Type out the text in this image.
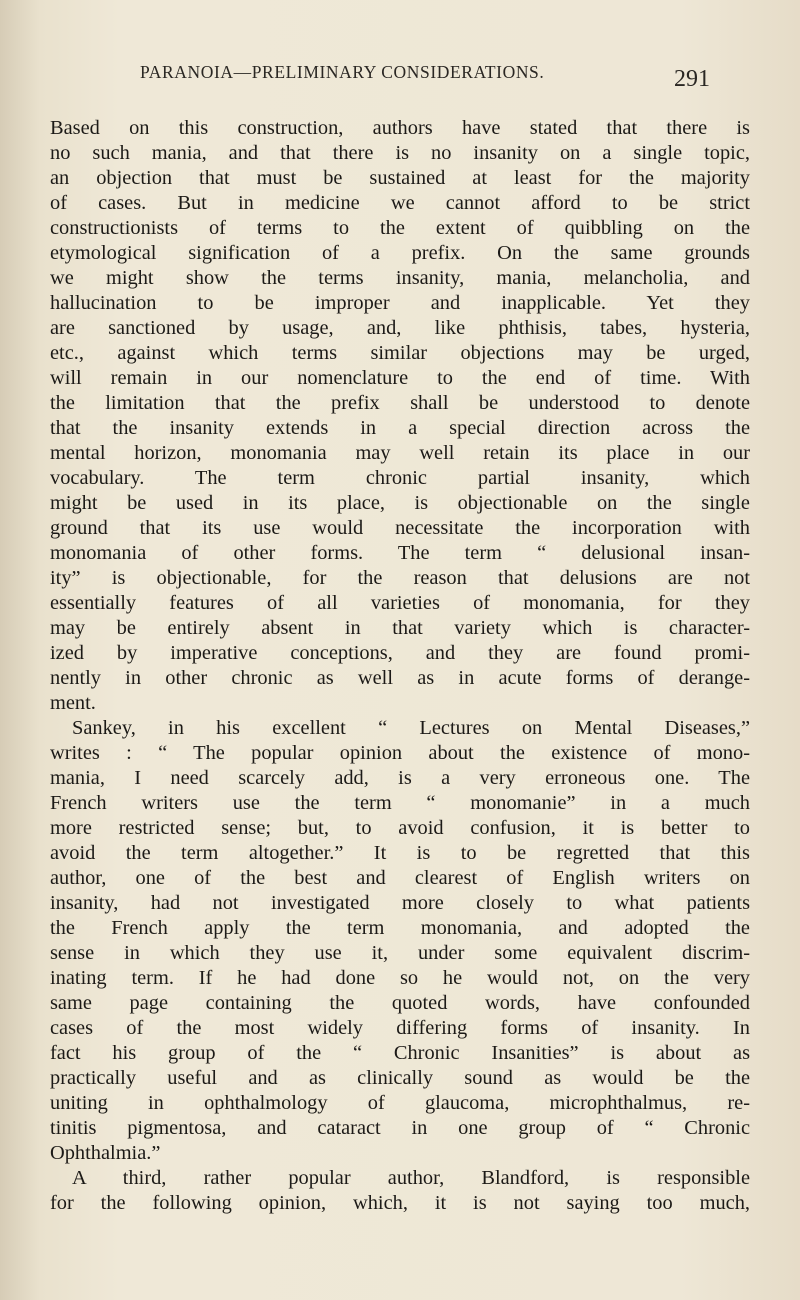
PARANOIA—PRELIMINARY CONSIDERATIONS.	291
Based on this construction, authors have stated that there is
no such mania, and that there is no insanity on a single topic,
an objection that must be sustained at least for the majority
of cases. But in medicine we cannot afford to be strict
constructionists of terms to the extent of quibbling on the
etymological signification of a prefix. On the same grounds
we might show the terms insanity, mania, melancholia, and
hallucination to be improper and inapplicable. Yet they
are sanctioned by usage, and, like phthisis, tabes, hysteria,
etc., against which terms similar objections may be urged,
will remain in our nomenclature to the end of time. With
the limitation that the prefix shall be understood to denote
that the insanity extends in a special direction across the
mental horizon, monomania may well retain its place in our
vocabulary. The term chronic partial insanity, which
might be used in its place, is objectionable on the single
ground that its use would necessitate the incorporation with
monomania of other forms. The term “ delusional insan-
ity” is objectionable, for the reason that delusions are not
essentially features of all varieties of monomania, for they
may be entirely absent in that variety which is character-
ized by imperative conceptions, and they are found promi-
nently in other chronic as well as in acute forms of derange-
ment.
Sankey, in his excellent “ Lectures on Mental Diseases,”
writes : “ The popular opinion about the existence of mono-
mania, I need scarcely add, is a very erroneous one. The
French writers use the term “ monomanie” in a much
more restricted sense; but, to avoid confusion, it is better to
avoid the term altogether.” It is to be regretted that this
author, one of the best and clearest of English writers on
insanity, had not investigated more closely to what patients
the French apply the term monomania, and adopted the
sense in which they use it, under some equivalent discrim-
inating term. If he had done so he would not, on the very
same page containing the quoted words, have confounded
cases of the most widely differing forms of insanity. In
fact his group of the “ Chronic Insanities” is about as
practically useful and as clinically sound as would be the
uniting in ophthalmology of glaucoma, microphthalmus, re-
tinitis pigmentosa, and cataract in one group of “ Chronic
Ophthalmia.”
A third, rather popular author, Blandford, is responsible
for the following opinion, which, it is not saying too much,
